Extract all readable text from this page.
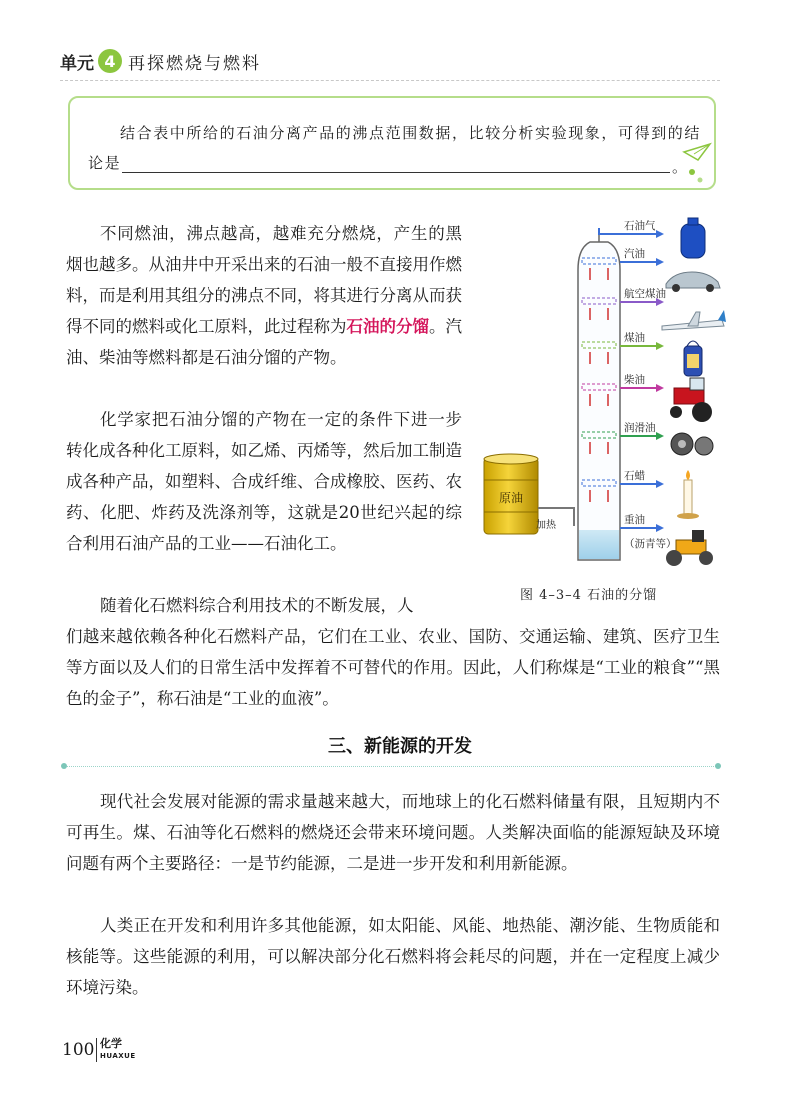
单元 4 再探燃烧与燃料
结合表中所给的石油分离产品的沸点范围数据，比较分析实验现象，可得到的结
论是	。

不同燃油，沸点越高，越难充分燃烧，产生的黑烟也越多。从油井中开采出来的石油一般不直接用作燃料，而是利用其组分的沸点不同，将其进行分离从而获得不同的燃料或化工原料，此过程称为石油的分馏。汽油、柴油等燃料都是石油分馏的产物。

化学家把石油分馏的产物在一定的条件下进一步转化成各种化工原料，如乙烯、丙烯等，然后加工制造成各种产品，如塑料、合成纤维、合成橡胶、医药、农药、化肥、炸药及洗涤剂等，这就是20世纪兴起的综合利用石油产品的工业——石油化工。

随着化石燃料综合利用技术的不断发展，人

们越来越依赖各种化石燃料产品，它们在工业、农业、国防、交通运输、建筑、医疗卫生等方面以及人们的日常生活中发挥着不可替代的作用。因此，人们称煤是“工业的粮食”“黑色的金子”，称石油是“工业的血液”。

原油
加热
石油气
汽油
航空煤油
煤油
柴油
润滑油
石蜡
重油
（沥青等）
图 4–3–4 石油的分馏
三、新能源的开发

现代社会发展对能源的需求量越来越大，而地球上的化石燃料储量有限，且短期内不可再生。煤、石油等化石燃料的燃烧还会带来环境问题。人类解决面临的能源短缺及环境问题有两个主要路径：一是节约能源，二是进一步开发和利用新能源。

人类正在开发和利用许多其他能源，如太阳能、风能、地热能、潮汐能、生物质能和核能等。这些能源的利用，可以解决部分化石燃料将会耗尽的问题，并在一定程度上减少环境污染。

100 化学
HUAXUE
